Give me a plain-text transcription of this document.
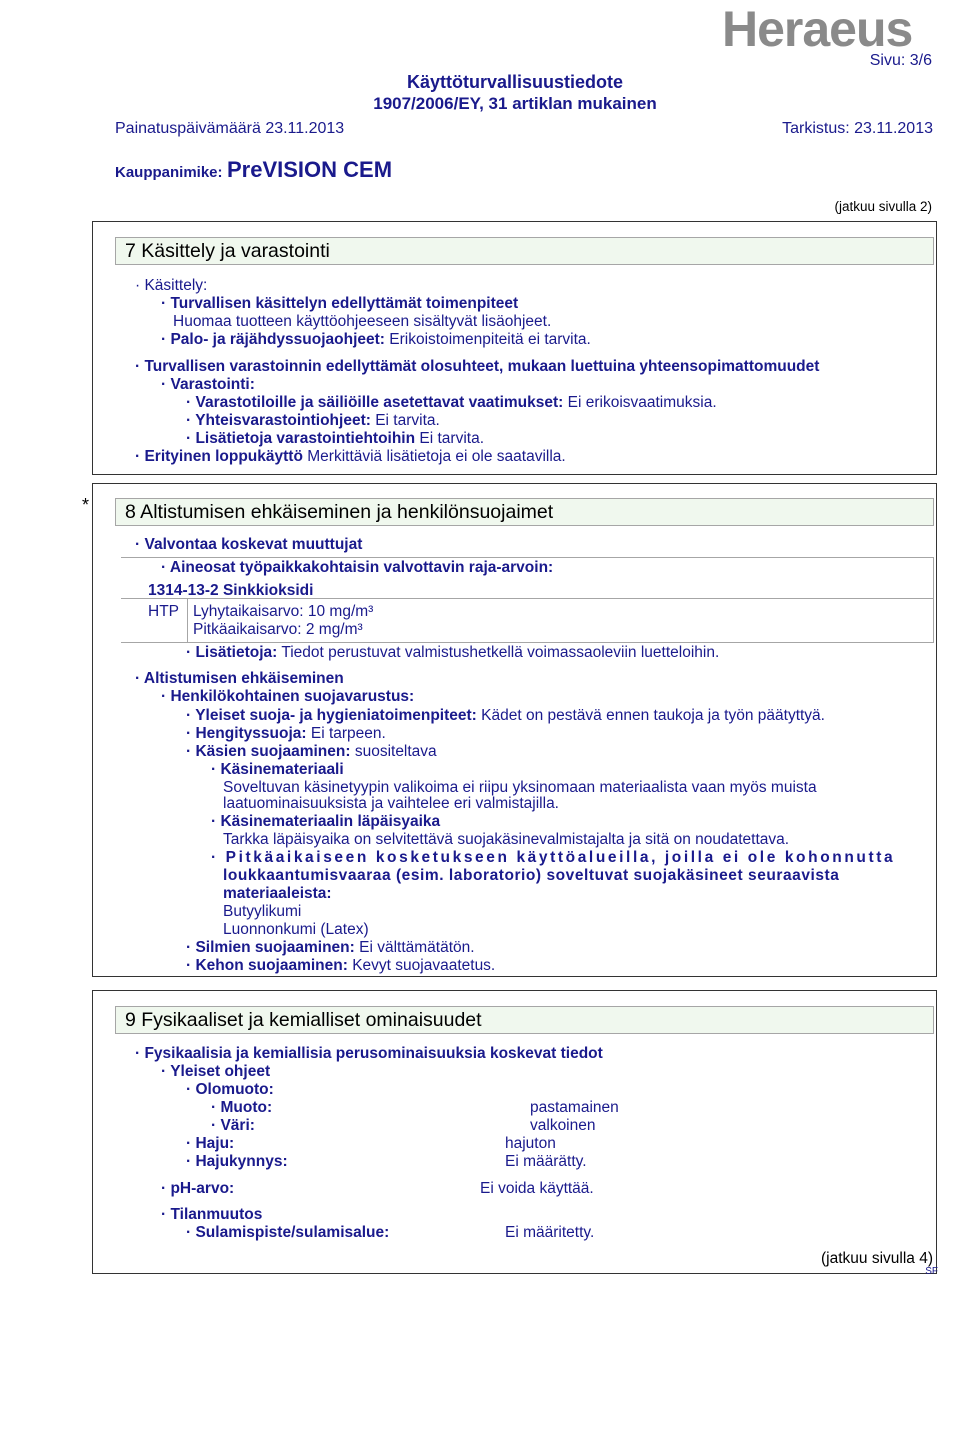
Heraeus
Sivu: 3/6
Käyttöturvallisuustiedote
1907/2006/EY, 31 artiklan mukainen
Painatuspäivämäärä 23.11.2013	Tarkistus: 23.11.2013
Kauppanimike: PreVISION CEM
(jatkuu sivulla 2)
7 Käsittely ja varastointi
· Käsittely:
· Turvallisen käsittelyn edellyttämät toimenpiteet
Huomaa tuotteen käyttöohjeeseen sisältyvät lisäohjeet.
· Palo- ja räjähdyssuojaohjeet: Erikoistoimenpiteitä ei tarvita.
· Turvallisen varastoinnin edellyttämät olosuhteet, mukaan luettuina yhteensopimattomuudet
· Varastointi:
· Varastotiloille ja säiliöille asetettavat vaatimukset: Ei erikoisvaatimuksia.
· Yhteisvarastointiohjeet: Ei tarvita.
· Lisätietoja varastointiehtoihin Ei tarvita.
· Erityinen loppukäyttö Merkittäviä lisätietoja ei ole saatavilla.
*	8 Altistumisen ehkäiseminen ja henkilönsuojaimet
· Valvontaa koskevat muuttujat
· Aineosat työpaikkakohtaisin valvottavin raja-arvoin:
1314-13-2 Sinkkioksidi
HTP Lyhytaikaisarvo: 10 mg/m³
Pitkäaikaisarvo: 2 mg/m³
· Lisätietoja: Tiedot perustuvat valmistushetkellä voimassaoleviin luetteloihin.
· Altistumisen ehkäiseminen
· Henkilökohtainen suojavarustus:
· Yleiset suoja- ja hygieniatoimenpiteet: Kädet on pestävä ennen taukoja ja työn päätyttyä.
· Hengityssuoja: Ei tarpeen.
· Käsien suojaaminen: suositeltava
· Käsinemateriaali
Soveltuvan käsinetyypin valikoima ei riipu yksinomaan materiaalista vaan myös muista
laatuominaisuuksista ja vaihtelee eri valmistajilla.
· Käsinemateriaalin läpäisyaika
Tarkka läpäisyaika on selvitettävä suojakäsinevalmistajalta ja sitä on noudatettava.
· Pitkäaikaiseen kosketukseen käyttöalueilla, joilla ei ole kohonnutta
loukkaantumisvaaraa (esim. laboratorio) soveltuvat suojakäsineet seuraavista
materiaaleista:
Butyylikumi
Luonnonkumi (Latex)
· Silmien suojaaminen: Ei välttämätätön.
· Kehon suojaaminen: Kevyt suojavaatetus.
9 Fysikaaliset ja kemialliset ominaisuudet
· Fysikaalisia ja kemiallisia perusominaisuuksia koskevat tiedot
· Yleiset ohjeet
· Olomuoto:
· Muoto:	pastamainen
· Väri:	valkoinen
· Haju:	hajuton
· Hajukynnys:	Ei määrätty.
· pH-arvo:	Ei voida käyttää.
· Tilanmuutos
· Sulamispiste/sulamisalue:	Ei määritetty.
(jatkuu sivulla 4)
SF
